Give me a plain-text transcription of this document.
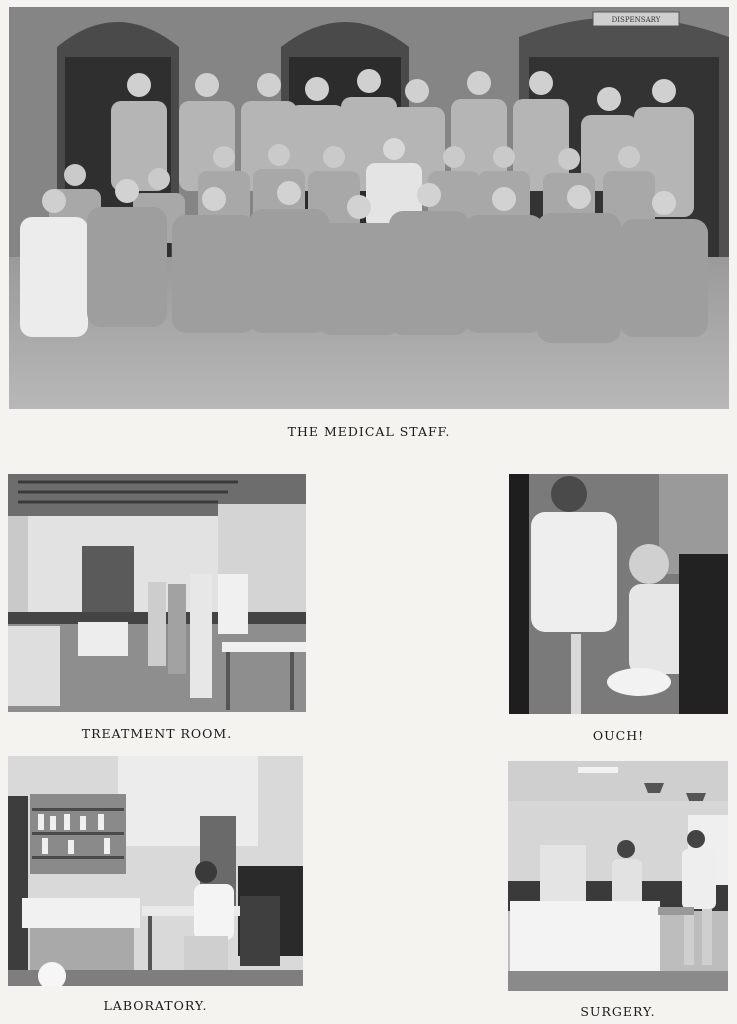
DISPENSARY
THE MEDICAL STAFF.
TREATMENT ROOM.	OUCH!
LABORATORY.	SURGERY.
